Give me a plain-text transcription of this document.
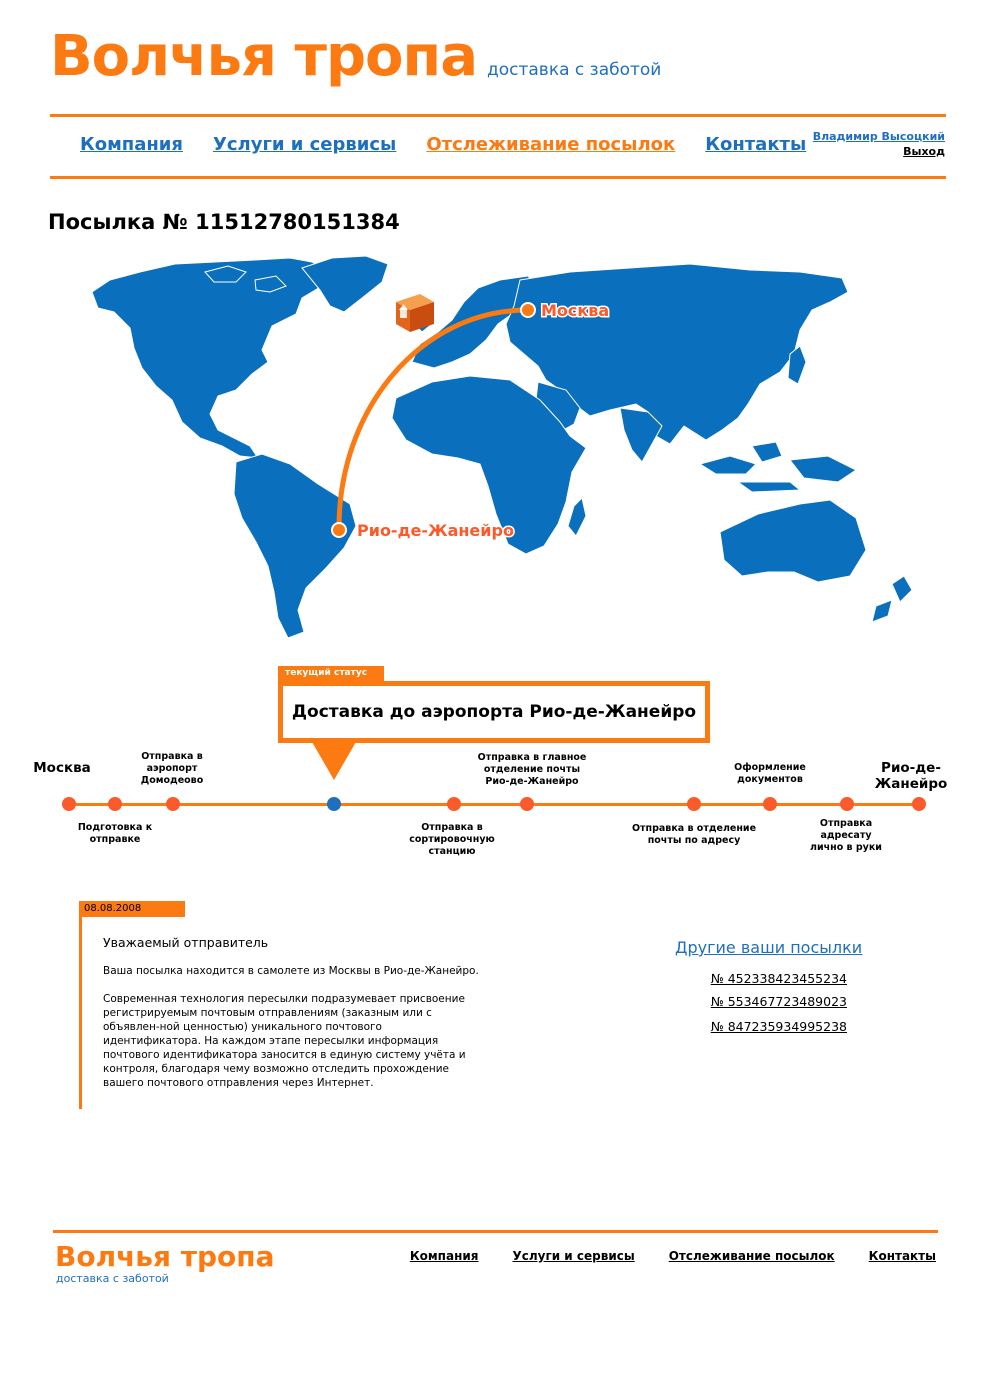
Волчья тропа доставка с заботой
Компания Услуги и сервисы Отслеживание посылок Контакты Владимир Высоцкий
Выход
Посылка № 11512780151384
Москва
Рио-де-Жанейро
текущий статус
Доставка до аэропорта Рио-де-Жанейро
Москва	Рио-де-Жанейро
Подготовка к отправке
Отправка в аэропорт Домодеово
Отправка в сортировочную станцию
Отправка в главное отделение почты Рио-де-Жанейро
Отправка в отделение почты по адресу
Оформление документов
Отправка адресату лично в руки
08.08.2008
Уважаемый отправитель
Ваша посылка находится в самолете из Москвы в Рио-де-Жанейро.
Современная технология пересылки подразумевает присвоение регистрируемым почтовым отправлениям (заказным или с объявлен-ной ценностью) уникального почтового идентификатора. На каждом этапе пересылки информация почтового идентификатора заносится в единую систему учёта и контроля, благодаря чему возможно отследить прохождение вашего почтового отправления через Интернет.
Другие ваши посылки
№ 452338423455234
№ 553467723489023
№ 847235934995238
Волчья тропа
доставка с заботой
Компания	Услуги и сервисы	Отслеживание посылок	Контакты
